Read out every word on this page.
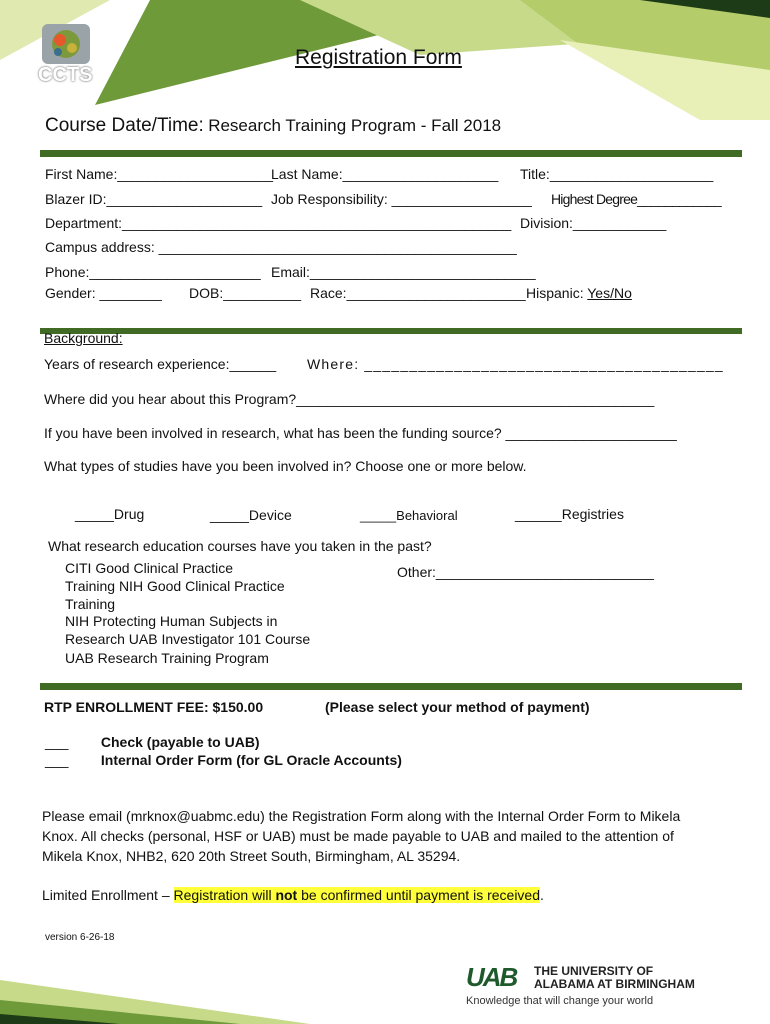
CCTS
Registration Form
Course Date/Time: Research Training Program - Fall 2018
First Name:____________________
Last Name:____________________ Title:_____________________
Blazer ID:____________________ Job Responsibility: __________________ Highest Degree____________
Department:__________________________________________________ Division:____________
Campus address: ______________________________________________
Phone:______________________ Email:_____________________________
Gender: ________ DOB:__________ Race:_______________________ Hispanic: Yes/No
Background:
Years of research experience:______ Where: ________________________________________
Where did you hear about this Program?______________________________________________
If you have been involved in research, what has been the funding source? ______________________
What types of studies have you been involved in? Choose one or more below.
_____Drug	_____Device	_____Behavioral	______Registries
What research education courses have you taken in the past?
CITI Good Clinical Practice
Training NIH Good Clinical Practice
Training
NIH Protecting Human Subjects in
Research UAB Investigator 101 Course
UAB Research Training Program
Other:____________________________
RTP ENROLLMENT FEE: $150.00	(Please select your method of payment)
___ Check (payable to UAB)
___ Internal Order Form (for GL Oracle Accounts)
Please email (mrknox@uabmc.edu) the Registration Form along with the Internal Order Form to Mikela
Knox. All checks (personal, HSF or UAB) must be made payable to UAB and mailed to the attention of
Mikela Knox, NHB2, 620 20th Street South, Birmingham, AL 35294.
Limited Enrollment – Registration will not be confirmed until payment is received.
version 6-26-18
UAB THE UNIVERSITY OF
ALABAMA AT BIRMINGHAM
Knowledge that will change your world
